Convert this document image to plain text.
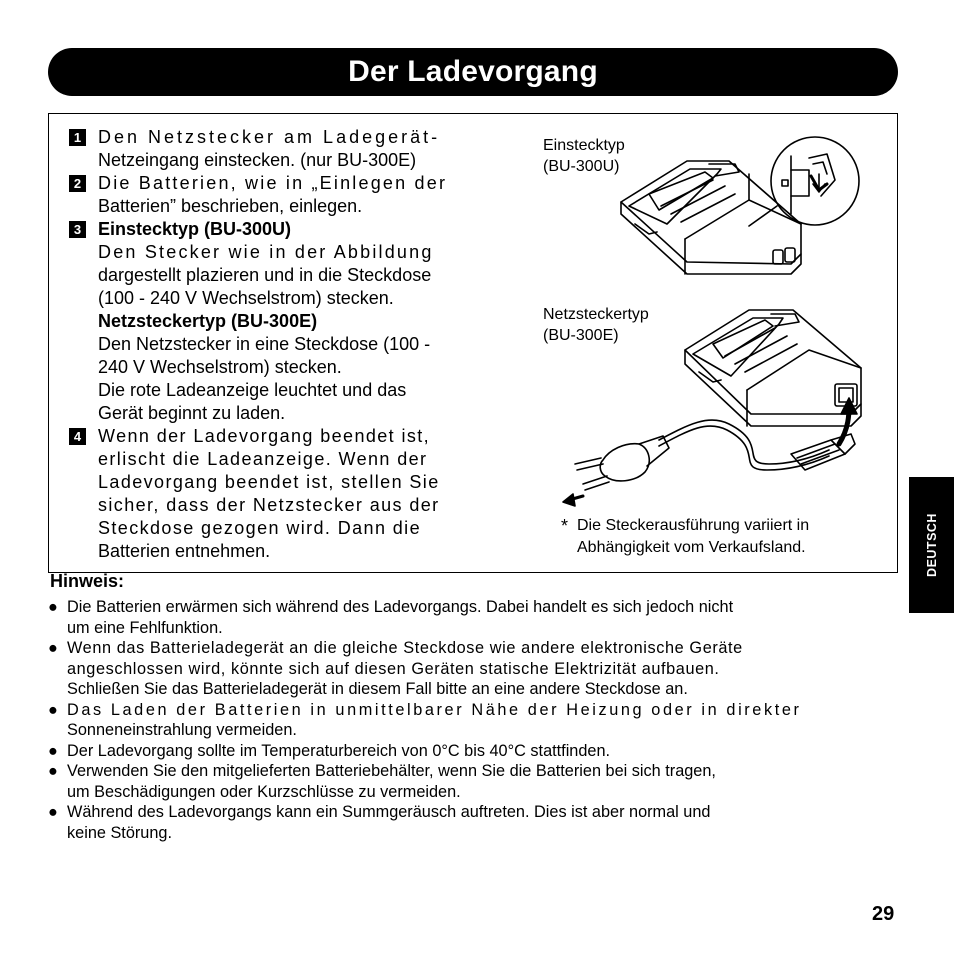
Der Ladevorgang
1 Den Netzstecker am Ladegerät-
Netzeingang einstecken. (nur BU-300E)
2 Die Batterien, wie in „Einlegen der
Batterien” beschrieben, einlegen.
3 Einstecktyp (BU-300U)
Den Stecker wie in der Abbildung
dargestellt plazieren und in die Steckdose
(100 - 240 V Wechselstrom) stecken.
Netzsteckertyp (BU-300E)
Den Netzstecker in eine Steckdose (100 -
240 V Wechselstrom) stecken.
Die rote Ladeanzeige leuchtet und das
Gerät beginnt zu laden.
4 Wenn der Ladevorgang beendet ist,
erlischt die Ladeanzeige. Wenn der
Ladevorgang beendet ist, stellen Sie
sicher, dass der Netzstecker aus der
Steckdose gezogen wird. Dann die
Batterien entnehmen.
Einstecktyp
(BU-300U)
Netzsteckertyp
(BU-300E)
* Die Steckerausführung variiert in
Abhängigkeit vom Verkaufsland.
Hinweis:
● Die Batterien erwärmen sich während des Ladevorgangs. Dabei handelt es sich jedoch nicht
um eine Fehlfunktion.
● Wenn das Batterieladegerät an die gleiche Steckdose wie andere elektronische Geräte
angeschlossen wird, könnte sich auf diesen Geräten statische Elektrizität aufbauen.
Schließen Sie das Batterieladegerät in diesem Fall bitte an eine andere Steckdose an.
● Das Laden der Batterien in unmittelbarer Nähe der Heizung oder in direkter
Sonneneinstrahlung vermeiden.
● Der Ladevorgang sollte im Temperaturbereich von 0°C bis 40°C stattfinden.
● Verwenden Sie den mitgelieferten Batteriebehälter, wenn Sie die Batterien bei sich tragen,
um Beschädigungen oder Kurzschlüsse zu vermeiden.
● Während des Ladevorgangs kann ein Summgeräusch auftreten. Dies ist aber normal und
keine Störung.
DEUTSCH
29
